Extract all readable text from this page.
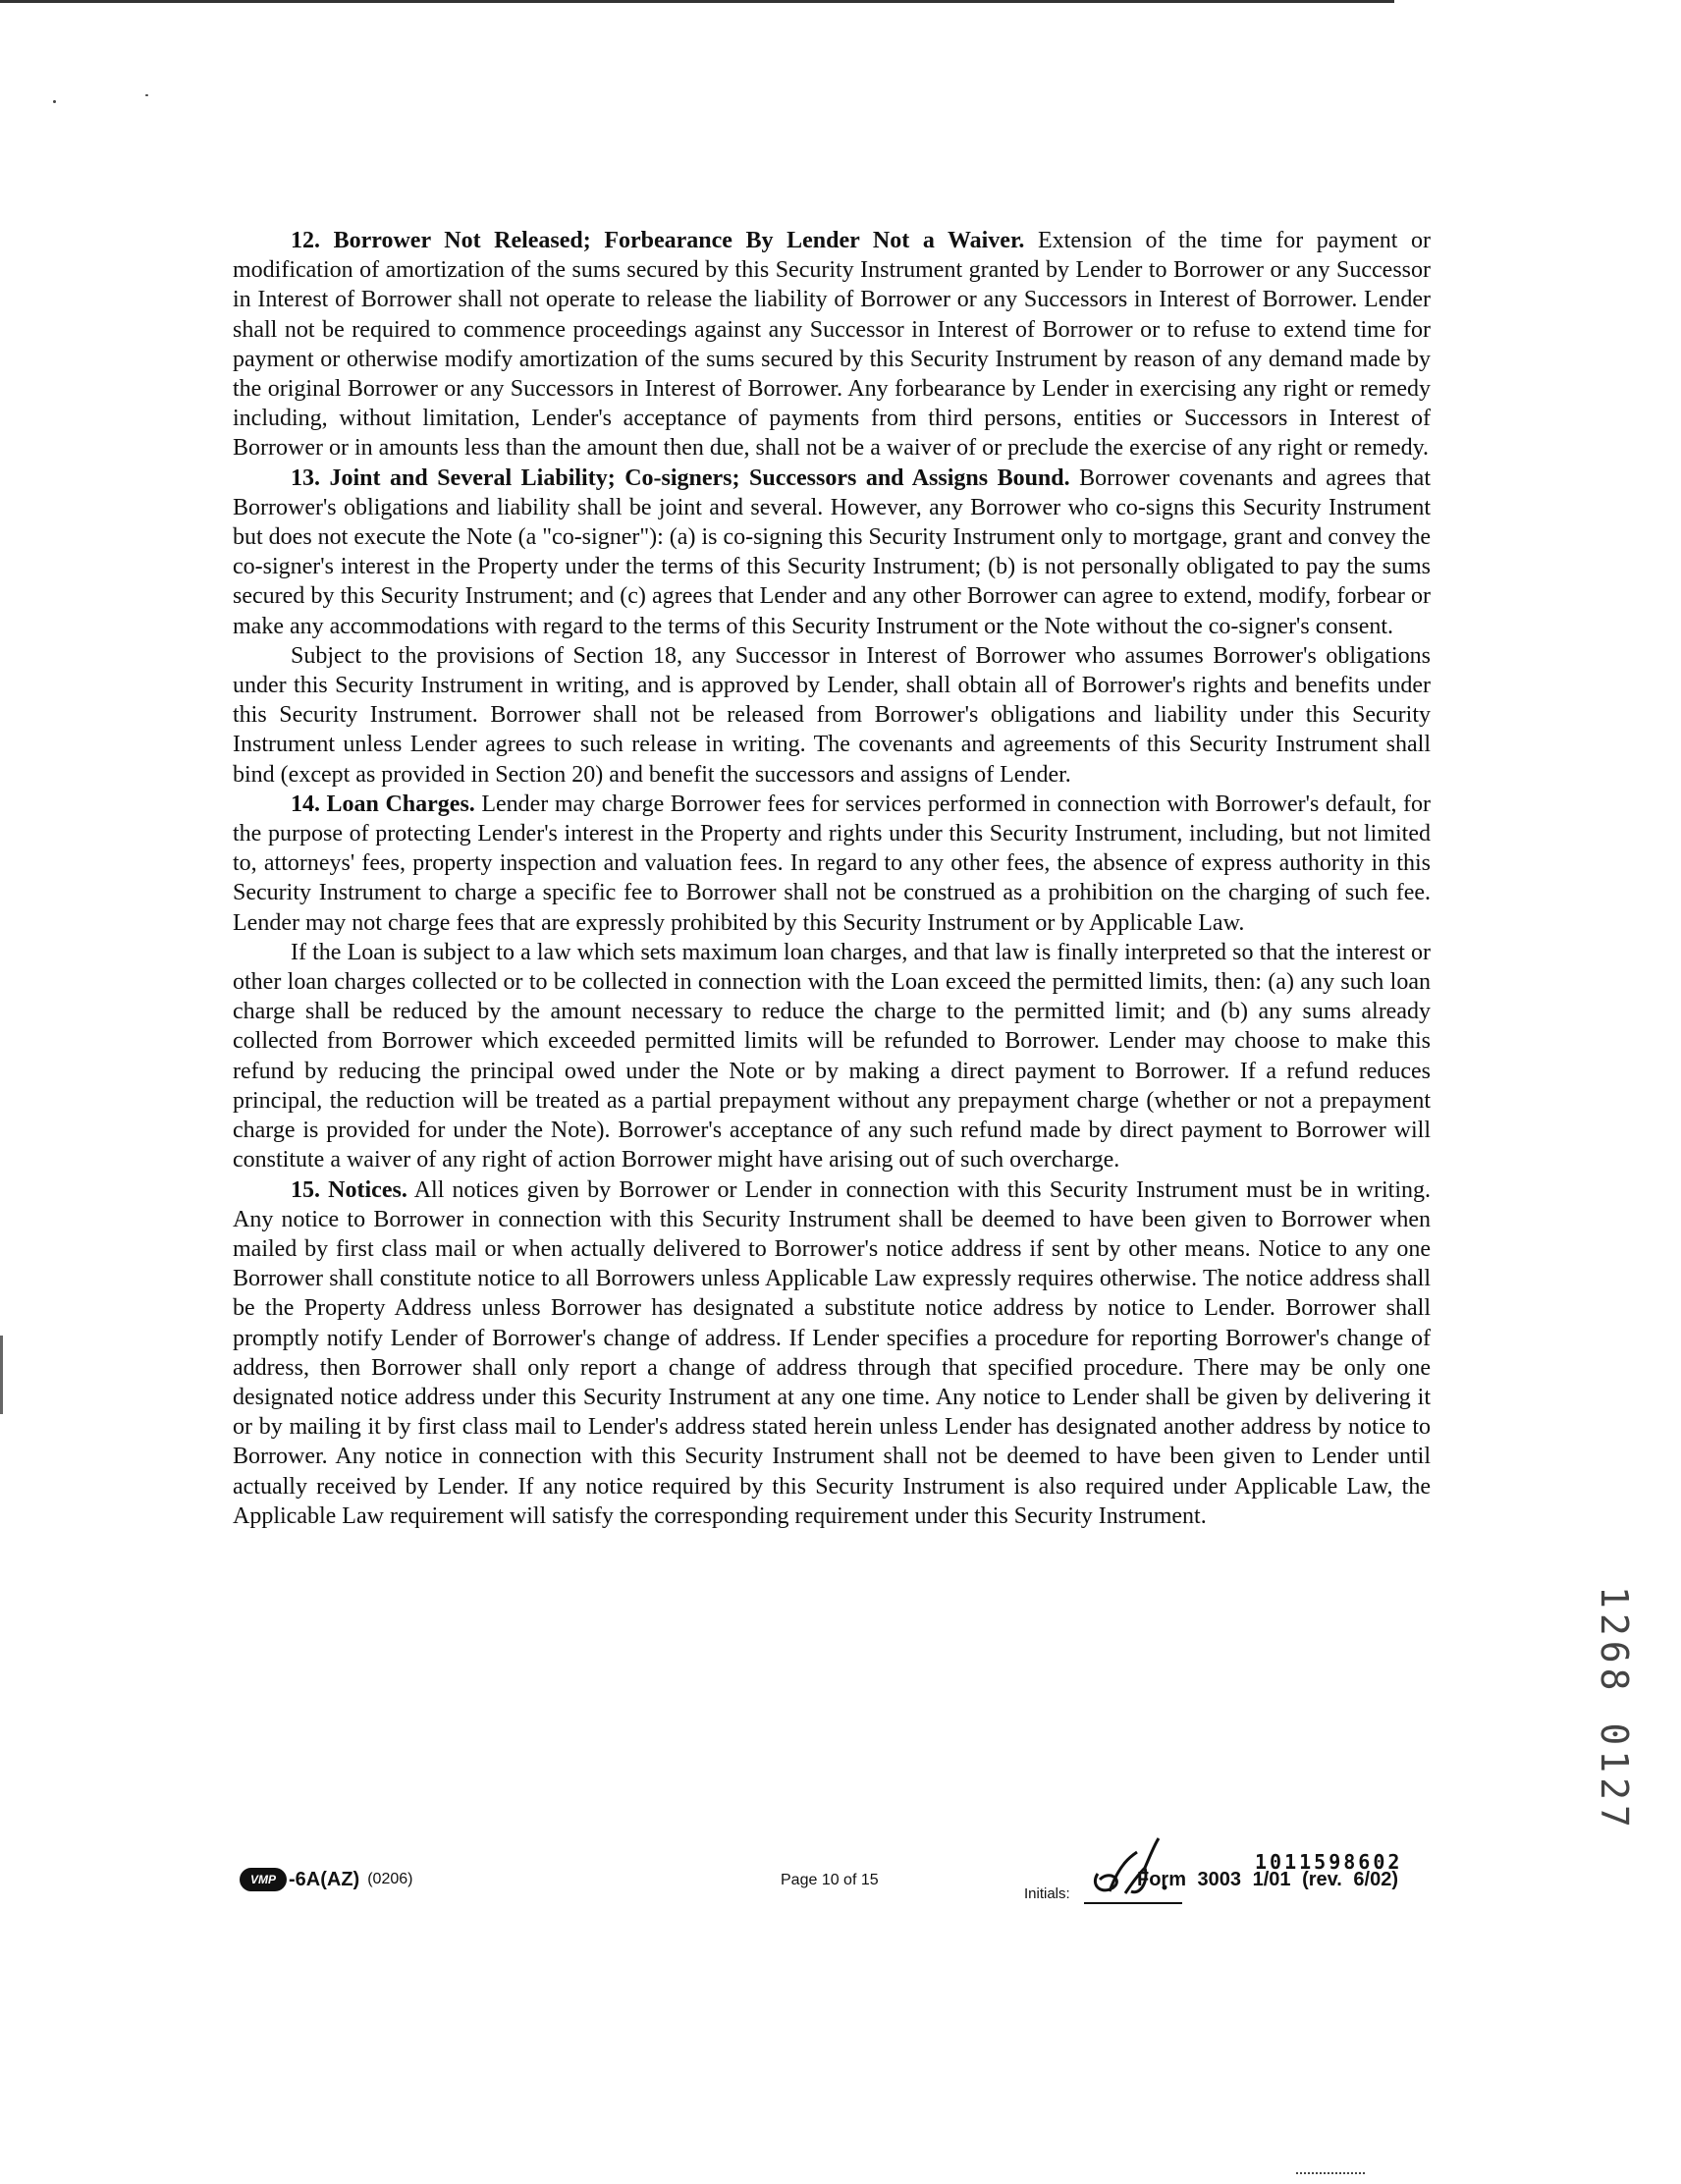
12. Borrower Not Released; Forbearance By Lender Not a Waiver. Extension of the time for payment or modification of amortization of the sums secured by this Security Instrument granted by Lender to Borrower or any Successor in Interest of Borrower shall not operate to release the liability of Borrower or any Successors in Interest of Borrower. Lender shall not be required to commence proceedings against any Successor in Interest of Borrower or to refuse to extend time for payment or otherwise modify amortization of the sums secured by this Security Instrument by reason of any demand made by the original Borrower or any Successors in Interest of Borrower. Any forbearance by Lender in exercising any right or remedy including, without limitation, Lender's acceptance of payments from third persons, entities or Successors in Interest of Borrower or in amounts less than the amount then due, shall not be a waiver of or preclude the exercise of any right or remedy.

13. Joint and Several Liability; Co-signers; Successors and Assigns Bound. Borrower covenants and agrees that Borrower's obligations and liability shall be joint and several. However, any Borrower who co-signs this Security Instrument but does not execute the Note (a "co-signer"): (a) is co-signing this Security Instrument only to mortgage, grant and convey the co-signer's interest in the Property under the terms of this Security Instrument; (b) is not personally obligated to pay the sums secured by this Security Instrument; and (c) agrees that Lender and any other Borrower can agree to extend, modify, forbear or make any accommodations with regard to the terms of this Security Instrument or the Note without the co-signer's consent.

Subject to the provisions of Section 18, any Successor in Interest of Borrower who assumes Borrower's obligations under this Security Instrument in writing, and is approved by Lender, shall obtain all of Borrower's rights and benefits under this Security Instrument. Borrower shall not be released from Borrower's obligations and liability under this Security Instrument unless Lender agrees to such release in writing. The covenants and agreements of this Security Instrument shall bind (except as provided in Section 20) and benefit the successors and assigns of Lender.

14. Loan Charges. Lender may charge Borrower fees for services performed in connection with Borrower's default, for the purpose of protecting Lender's interest in the Property and rights under this Security Instrument, including, but not limited to, attorneys' fees, property inspection and valuation fees. In regard to any other fees, the absence of express authority in this Security Instrument to charge a specific fee to Borrower shall not be construed as a prohibition on the charging of such fee. Lender may not charge fees that are expressly prohibited by this Security Instrument or by Applicable Law.

If the Loan is subject to a law which sets maximum loan charges, and that law is finally interpreted so that the interest or other loan charges collected or to be collected in connection with the Loan exceed the permitted limits, then: (a) any such loan charge shall be reduced by the amount necessary to reduce the charge to the permitted limit; and (b) any sums already collected from Borrower which exceeded permitted limits will be refunded to Borrower. Lender may choose to make this refund by reducing the principal owed under the Note or by making a direct payment to Borrower. If a refund reduces principal, the reduction will be treated as a partial prepayment without any prepayment charge (whether or not a prepayment charge is provided for under the Note). Borrower's acceptance of any such refund made by direct payment to Borrower will constitute a waiver of any right of action Borrower might have arising out of such overcharge.

15. Notices. All notices given by Borrower or Lender in connection with this Security Instrument must be in writing. Any notice to Borrower in connection with this Security Instrument shall be deemed to have been given to Borrower when mailed by first class mail or when actually delivered to Borrower's notice address if sent by other means. Notice to any one Borrower shall constitute notice to all Borrowers unless Applicable Law expressly requires otherwise. The notice address shall be the Property Address unless Borrower has designated a substitute notice address by notice to Lender. Borrower shall promptly notify Lender of Borrower's change of address. If Lender specifies a procedure for reporting Borrower's change of address, then Borrower shall only report a change of address through that specified procedure. There may be only one designated notice address under this Security Instrument at any one time. Any notice to Lender shall be given by delivering it or by mailing it by first class mail to Lender's address stated herein unless Lender has designated another address by notice to Borrower. Any notice in connection with this Security Instrument shall not be deemed to have been given to Lender until actually received by Lender. If any notice required by this Security Instrument is also required under Applicable Law, the Applicable Law requirement will satisfy the corresponding requirement under this Security Instrument.

1268 0127
VMP -6A(AZ) (0206)	Page 10 of 15
Initials:
1011598602
Form 3003 1/01 (rev. 6/02)
